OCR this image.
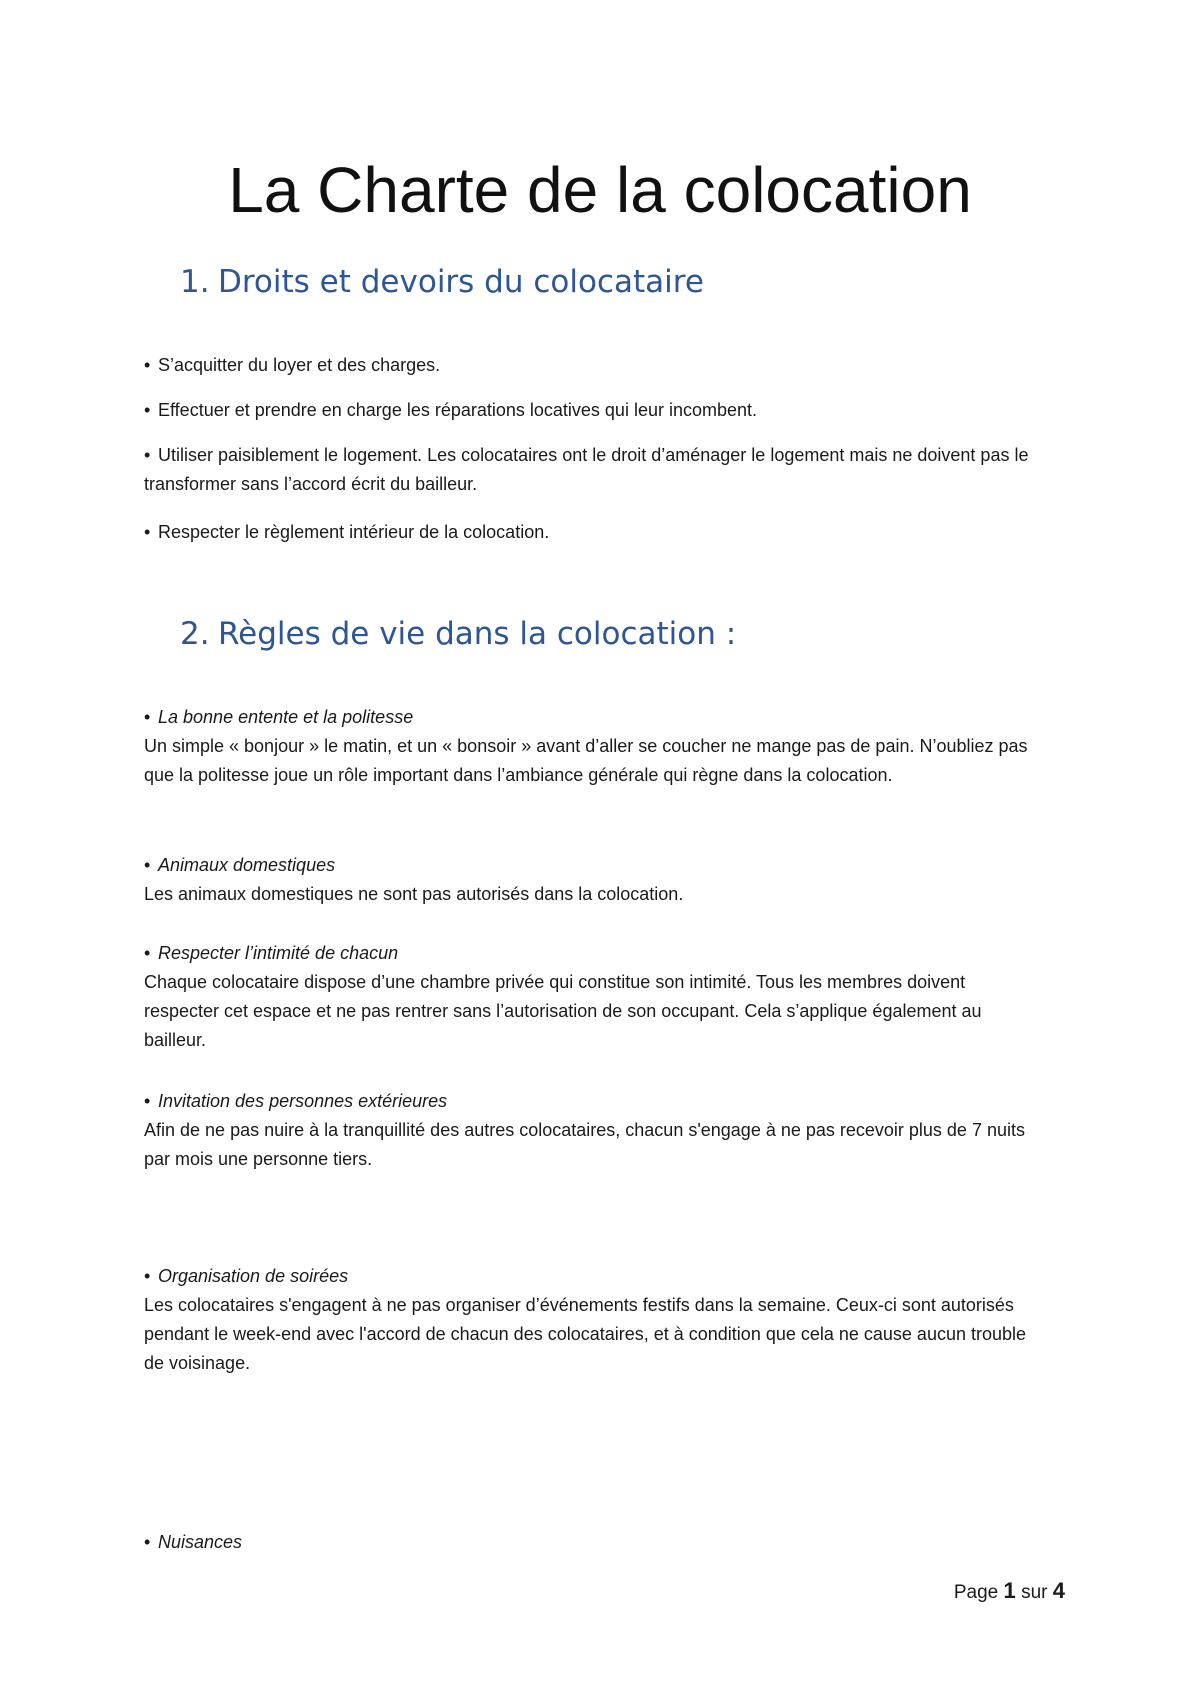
La Charte de la colocation
1. Droits et devoirs du colocataire

• S’acquitter du loyer et des charges.

• Effectuer et prendre en charge les réparations locatives qui leur incombent.

• Utiliser paisiblement le logement. Les colocataires ont le droit d’aménager le logement mais ne doivent pas le transformer sans l’accord écrit du bailleur.

• Respecter le règlement intérieur de la colocation.

2. Règles de vie dans la colocation :
• La bonne entente et la politesse
Un simple « bonjour » le matin, et un « bonsoir » avant d’aller se coucher ne mange pas de pain. N’oubliez pas que la politesse joue un rôle important dans l’ambiance générale qui règne dans la colocation.
• Animaux domestiques
Les animaux domestiques ne sont pas autorisés dans la colocation.
• Respecter l’intimité de chacun
Chaque colocataire dispose d’une chambre privée qui constitue son intimité. Tous les membres doivent respecter cet espace et ne pas rentrer sans l’autorisation de son occupant. Cela s’applique également au bailleur.
• Invitation des personnes extérieures
Afin de ne pas nuire à la tranquillité des autres colocataires, chacun s'engage à ne pas recevoir plus de 7 nuits par mois une personne tiers.
• Organisation de soirées
Les colocataires s'engagent à ne pas organiser d’événements festifs dans la semaine. Ceux-ci sont autorisés pendant le week-end avec l'accord de chacun des colocataires, et à condition que cela ne cause aucun trouble de voisinage.
• Nuisances
Page 1 sur 4
